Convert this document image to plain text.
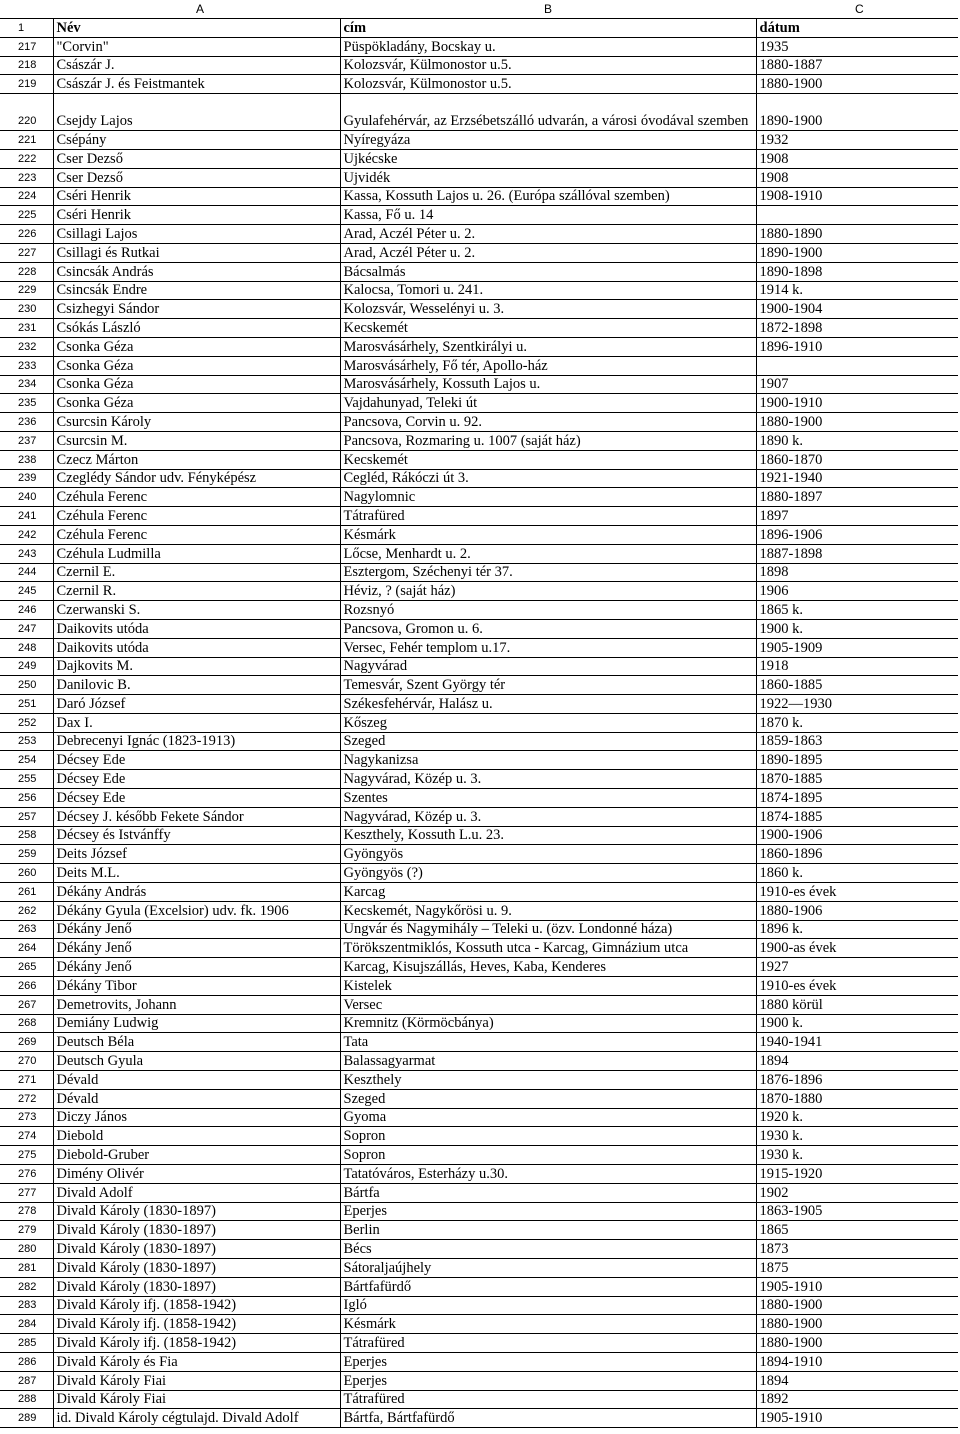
A	B	C
1	Név	cím	dátum
217	"Corvin"	Püspökladány, Bocskay u.	1935
218	Császár J.	Kolozsvár, Külmonostor u.5.	1880-1887
219	Császár J. és Feistmantek	Kolozsvár, Külmonostor u.5.	1880-1900
220	Csejdy Lajos	Gyulafehérvár, az Erzsébetszálló udvarán, a városi óvodával szemben	1890-1900
221	Csépány	Nyíregyáza	1932
222	Cser Dezső	Ujkécske	1908
223	Cser Dezső	Ujvidék	1908
224	Cséri Henrik	Kassa, Kossuth Lajos u. 26. (Európa szállóval szemben)	1908-1910
225	Cséri Henrik	Kassa, Fő u. 14	
226	Csillagi Lajos	Arad, Aczél Péter u. 2.	1880-1890
227	Csillagi és Rutkai	Arad, Aczél Péter u. 2.	1890-1900
228	Csincsák András	Bácsalmás	1890-1898
229	Csincsák Endre	Kalocsa, Tomori u. 241.	1914 k.
230	Csizhegyi Sándor	Kolozsvár, Wesselényi u. 3.	1900-1904
231	Csókás László	Kecskemét	1872-1898
232	Csonka Géza	Marosvásárhely, Szentkirályi u.	1896-1910
233	Csonka Géza	Marosvásárhely, Fő tér, Apollo-ház	
234	Csonka Géza	Marosvásárhely, Kossuth Lajos u.	1907
235	Csonka Géza	Vajdahunyad, Teleki út	1900-1910
236	Csurcsin Károly	Pancsova, Corvin u. 92.	1880-1900
237	Csurcsin M.	Pancsova, Rozmaring u. 1007 (saját ház)	1890 k.
238	Czecz Márton	Kecskemét	1860-1870
239	Czeglédy Sándor udv. Fényképész	Cegléd, Rákóczi út 3.	1921-1940
240	Czéhula Ferenc	Nagylomnic	1880-1897
241	Czéhula Ferenc	Tátrafüred	1897
242	Czéhula Ferenc	Késmárk	1896-1906
243	Czéhula Ludmilla	Lőcse, Menhardt u. 2.	1887-1898
244	Czernil E.	Esztergom, Széchenyi tér 37.	1898
245	Czernil R.	Héviz, ? (saját ház)	1906
246	Czerwanski S.	Rozsnyó	1865 k.
247	Daikovits utóda	Pancsova, Gromon u. 6.	1900 k.
248	Daikovits utóda	Versec, Fehér templom u.17.	1905-1909
249	Dajkovits M.	Nagyvárad	1918
250	Danilovic B.	Temesvár, Szent György tér	1860-1885
251	Daró József	Székesfehérvár, Halász u.	1922—1930
252	Dax I.	Kőszeg	1870 k.
253	Debrecenyi Ignác (1823-1913)	Szeged	1859-1863
254	Décsey Ede	Nagykanizsa	1890-1895
255	Décsey Ede	Nagyvárad, Közép u. 3.	1870-1885
256	Décsey Ede	Szentes	1874-1895
257	Décsey J. később Fekete Sándor	Nagyvárad, Közép u. 3.	1874-1885
258	Décsey és Istvánffy	Keszthely, Kossuth L.u. 23.	1900-1906
259	Deits József	Gyöngyös	1860-1896
260	Deits M.L.	Gyöngyös (?)	1860 k.
261	Dékány András	Karcag	1910-es évek
262	Dékány Gyula (Excelsior) udv. fk. 1906	Kecskemét, Nagykőrösi u. 9.	1880-1906
263	Dékány Jenő	Ungvár és Nagymihály – Teleki u. (özv. Londonné háza)	1896 k.
264	Dékány Jenő	Törökszentmiklós, Kossuth utca - Karcag, Gimnázium utca	1900-as évek
265	Dékány Jenő	Karcag, Kisujszállás, Heves, Kaba, Kenderes	1927
266	Dékány Tibor	Kistelek	1910-es évek
267	Demetrovits, Johann	Versec	1880 körül
268	Demiány Ludwig	Kremnitz (Körmöcbánya)	1900 k.
269	Deutsch Béla	Tata	1940-1941
270	Deutsch Gyula	Balassagyarmat	1894
271	Dévald	Keszthely	1876-1896
272	Dévald	Szeged	1870-1880
273	Diczy János	Gyoma	1920 k.
274	Diebold	Sopron	1930 k.
275	Diebold-Gruber	Sopron	1930 k.
276	Dimény Olivér	Tatatóváros, Esterházy u.30.	1915-1920
277	Divald Adolf	Bártfa	1902
278	Divald Károly (1830-1897)	Eperjes	1863-1905
279	Divald Károly (1830-1897)	Berlin	1865
280	Divald Károly (1830-1897)	Bécs	1873
281	Divald Károly (1830-1897)	Sátoraljaújhely	1875
282	Divald Károly (1830-1897)	Bártfafürdő	1905-1910
283	Divald Károly ifj. (1858-1942)	Igló	1880-1900
284	Divald Károly ifj. (1858-1942)	Késmárk	1880-1900
285	Divald Károly ifj. (1858-1942)	Tátrafüred	1880-1900
286	Divald Károly és Fia	Eperjes	1894-1910
287	Divald Károly Fiai	Eperjes	1894
288	Divald Károly Fiai	Tátrafüred	1892
289	id. Divald Károly cégtulajd. Divald Adolf	Bártfa, Bártfafürdő	1905-1910
